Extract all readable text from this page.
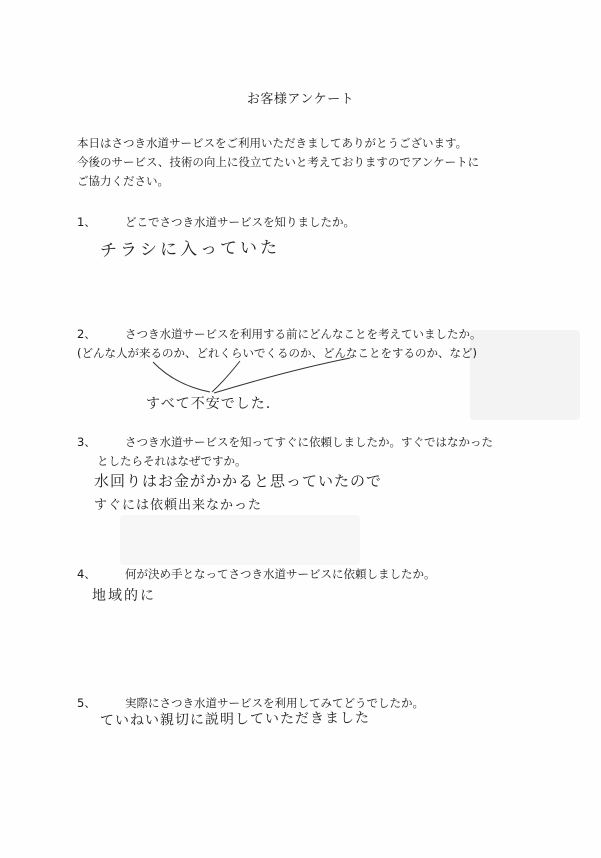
お客様アンケート
本日はさつき水道サービスをご利用いただきましてありがとうございます。
今後のサービス、技術の向上に役立てたいと考えておりますのでアンケートに
ご協力ください。
1、	どこでさつき水道サービスを知りましたか。
チラシに入っていた
2、	さつき水道サービスを利用する前にどんなことを考えていましたか。
(どんな人が来るのか、どれくらいでくるのか、どんなことをするのか、など)
すべて不安でした.
3、	さつき水道サービスを知ってすぐに依頼しましたか。すぐではなかった
としたらそれはなぜですか。
水回りはお金がかかると思っていたので
すぐには依頼出来なかった
4、	何が決め手となってさつき水道サービスに依頼しましたか。
地域的に
5、	実際にさつき水道サービスを利用してみてどうでしたか。
ていねい親切に説明していただきました
